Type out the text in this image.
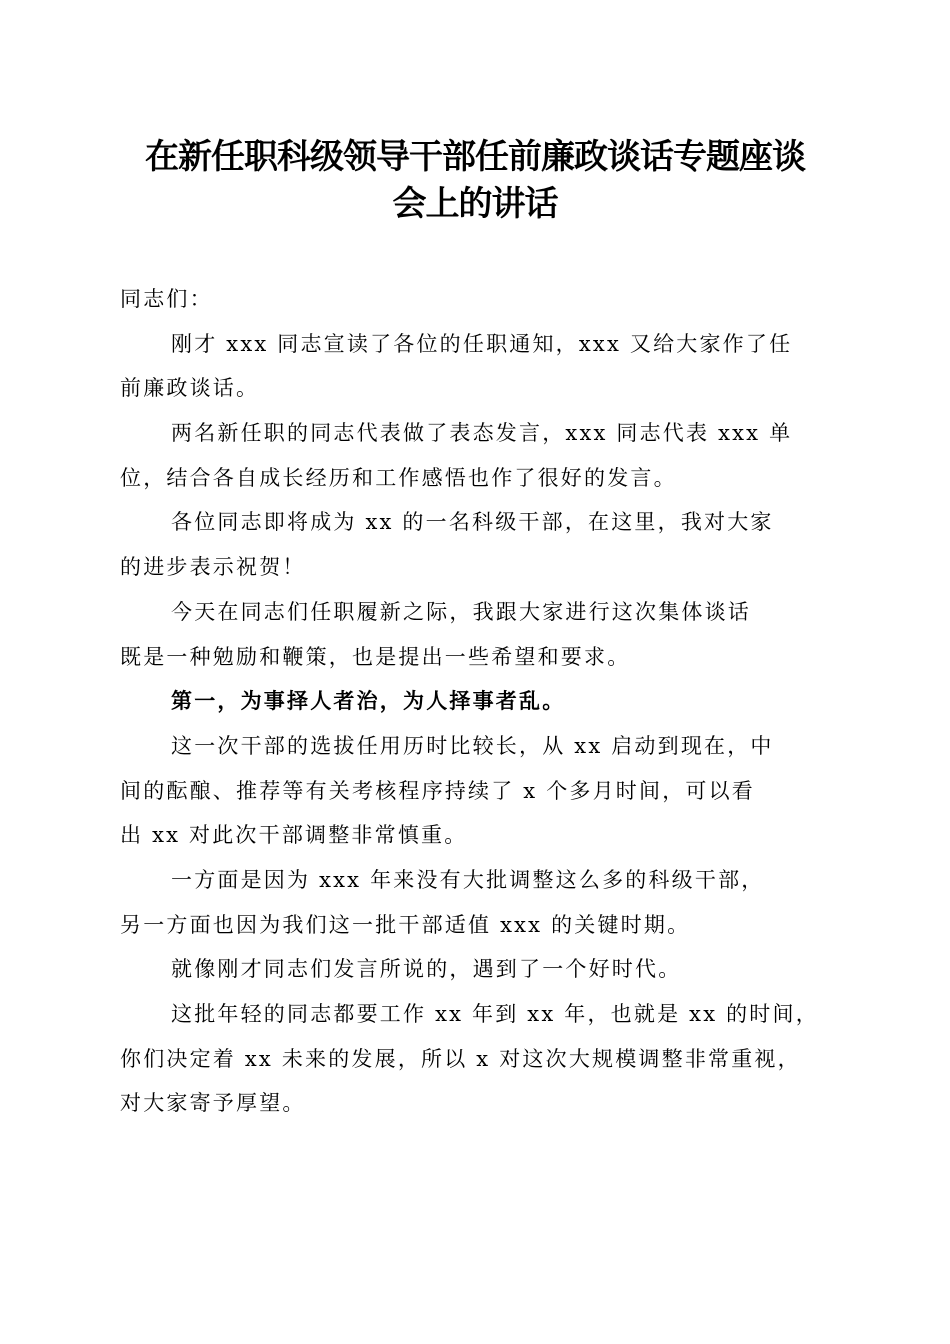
在新任职科级领导干部任前廉政谈话专题座谈
会上的讲话
同志们：
刚才 xxx 同志宣读了各位的任职通知，xxx 又给大家作了任
前廉政谈话。
两名新任职的同志代表做了表态发言，xxx 同志代表 xxx 单
位，结合各自成长经历和工作感悟也作了很好的发言。
各位同志即将成为 xx 的一名科级干部，在这里，我对大家
的进步表示祝贺！
今天在同志们任职履新之际，我跟大家进行这次集体谈话
既是一种勉励和鞭策，也是提出一些希望和要求。
第一，为事择人者治，为人择事者乱。
这一次干部的选拔任用历时比较长，从 xx 启动到现在，中
间的酝酿、推荐等有关考核程序持续了 x 个多月时间，可以看
出 xx 对此次干部调整非常慎重。
一方面是因为 xxx 年来没有大批调整这么多的科级干部，
另一方面也因为我们这一批干部适值 xxx 的关键时期。
就像刚才同志们发言所说的，遇到了一个好时代。
这批年轻的同志都要工作 xx 年到 xx 年，也就是 xx 的时间，
你们决定着 xx 未来的发展，所以 x 对这次大规模调整非常重视，
对大家寄予厚望。
